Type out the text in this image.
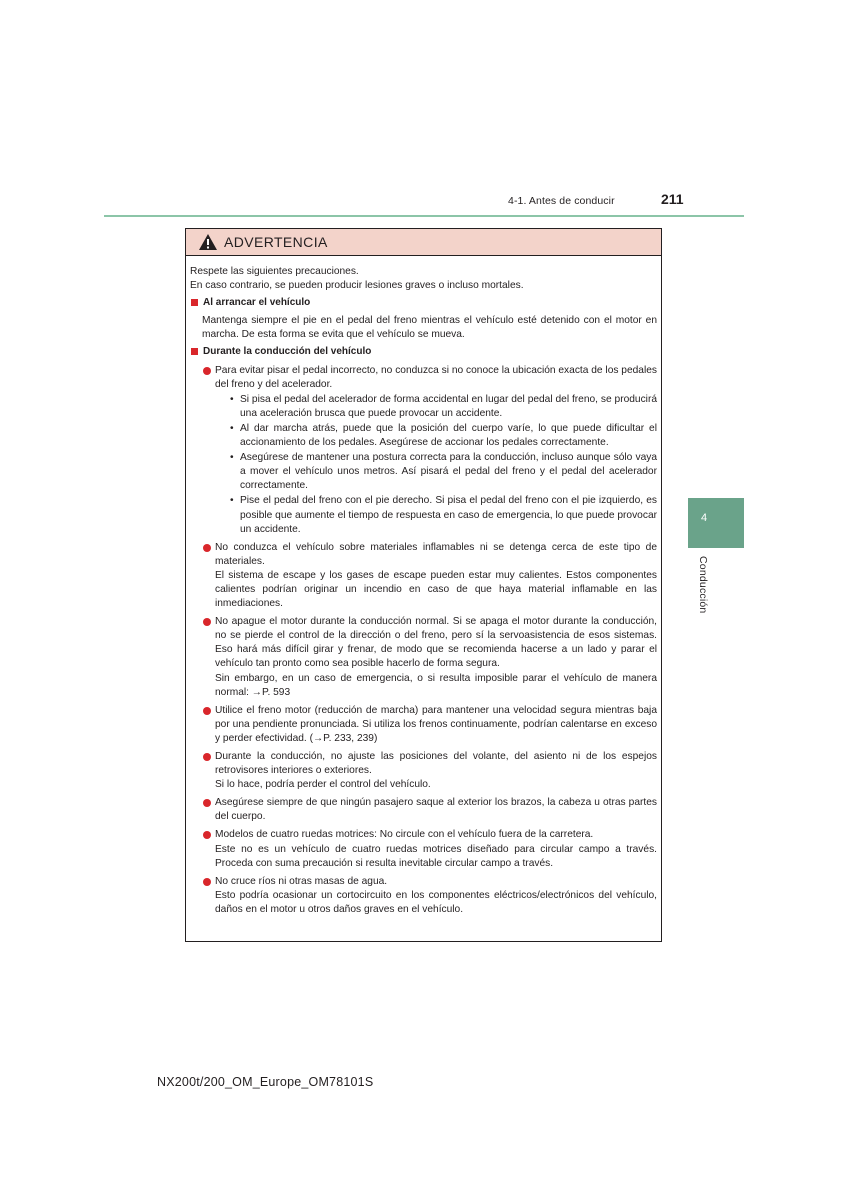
4-1. Antes de conducir	211
4
Conducción
ADVERTENCIA

Respete las siguientes precauciones.

En caso contrario, se pueden producir lesiones graves o incluso mortales.

Al arrancar el vehículo

Mantenga siempre el pie en el pedal del freno mientras el vehículo esté detenido con el motor en marcha. De esta forma se evita que el vehículo se mueva.

Durante la conducción del vehículo
Para evitar pisar el pedal incorrecto, no conduzca si no conoce la ubicación exacta de los pedales del freno y del acelerador.
• Si pisa el pedal del acelerador de forma accidental en lugar del pedal del freno, se producirá una aceleración brusca que puede provocar un accidente.
• Al dar marcha atrás, puede que la posición del cuerpo varíe, lo que puede dificultar el accionamiento de los pedales. Asegúrese de accionar los pedales correctamente.
• Asegúrese de mantener una postura correcta para la conducción, incluso aunque sólo vaya a mover el vehículo unos metros. Así pisará el pedal del freno y el pedal del acelerador correctamente.
• Pise el pedal del freno con el pie derecho. Si pisa el pedal del freno con el pie izquierdo, es posible que aumente el tiempo de respuesta en caso de emergencia, lo que puede provocar un accidente.
No conduzca el vehículo sobre materiales inflamables ni se detenga cerca de este tipo de materiales.
El sistema de escape y los gases de escape pueden estar muy calientes. Estos componentes calientes podrían originar un incendio en caso de que haya material inflamable en las inmediaciones.
No apague el motor durante la conducción normal. Si se apaga el motor durante la conducción, no se pierde el control de la dirección o del freno, pero sí la servoasistencia de esos sistemas. Eso hará más difícil girar y frenar, de modo que se recomienda hacerse a un lado y parar el vehículo tan pronto como sea posible hacerlo de forma segura.
Sin embargo, en un caso de emergencia, o si resulta imposible parar el vehículo de manera normal: →P. 593
Utilice el freno motor (reducción de marcha) para mantener una velocidad segura mientras baja por una pendiente pronunciada. Si utiliza los frenos continuamente, podrían calentarse en exceso y perder efectividad. (→P. 233, 239)
Durante la conducción, no ajuste las posiciones del volante, del asiento ni de los espejos retrovisores interiores o exteriores.
Si lo hace, podría perder el control del vehículo.
Asegúrese siempre de que ningún pasajero saque al exterior los brazos, la cabeza u otras partes del cuerpo.
Modelos de cuatro ruedas motrices: No circule con el vehículo fuera de la carretera.
Este no es un vehículo de cuatro ruedas motrices diseñado para circular campo a través. Proceda con suma precaución si resulta inevitable circular campo a través.
No cruce ríos ni otras masas de agua.
Esto podría ocasionar un cortocircuito en los componentes eléctricos/electrónicos del vehículo, daños en el motor u otros daños graves en el vehículo.
NX200t/200_OM_Europe_OM78101S
